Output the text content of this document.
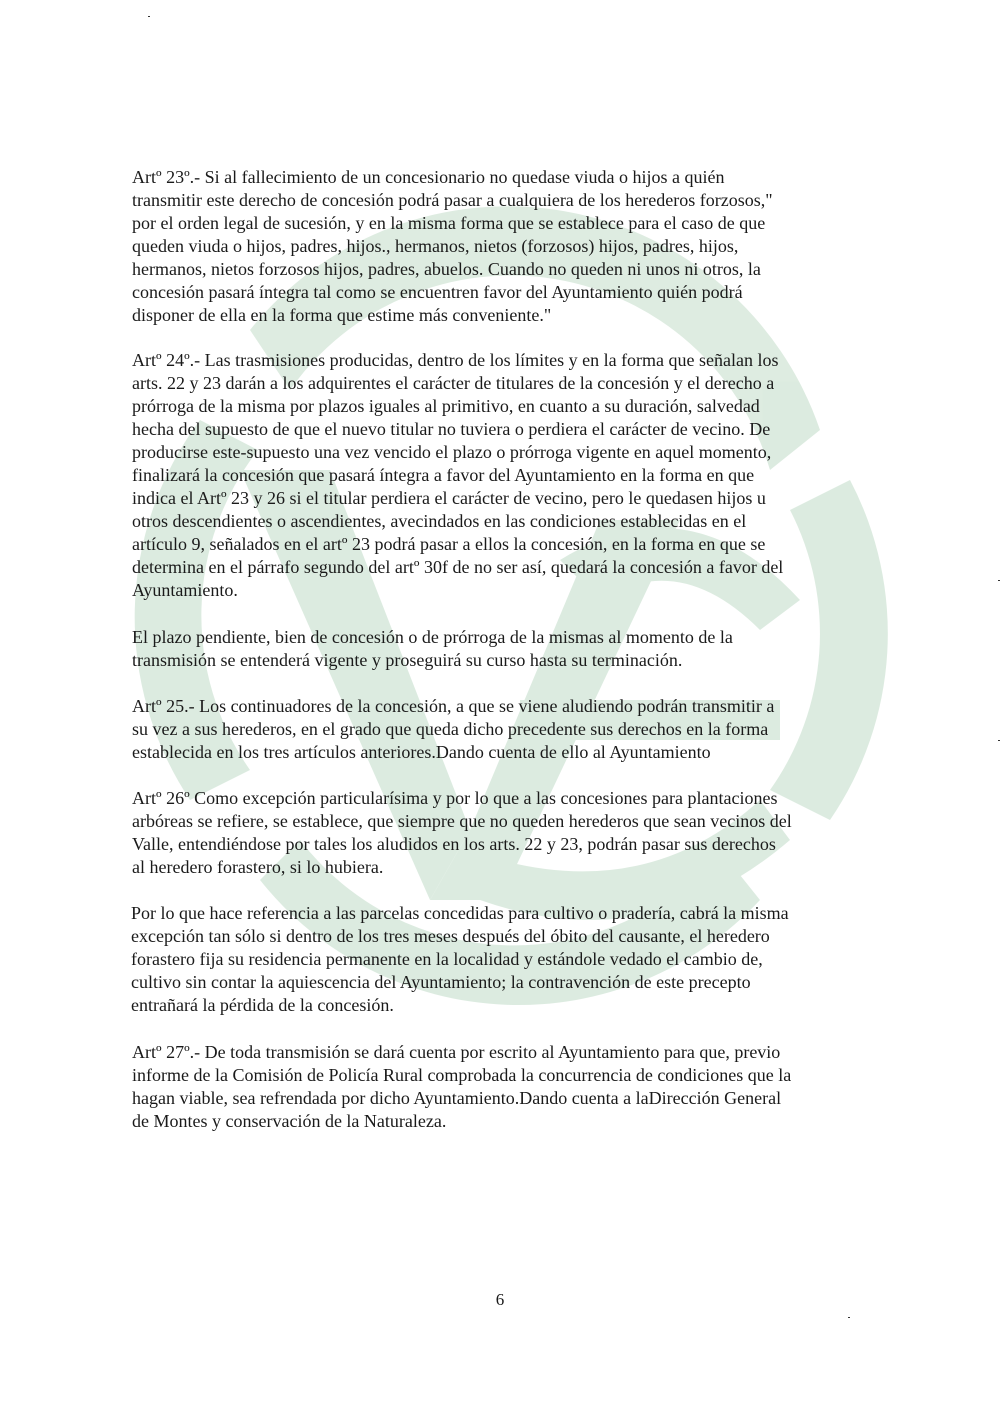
Artº 23º.- Si al fallecimiento de un concesionario no quedase viuda o hijos a quién
transmitir este derecho de concesión podrá pasar a cualquiera de los herederos forzosos,"
por el orden legal de sucesión, y en la misma forma que se establece para el caso de que
queden viuda o hijos, padres, hijos., hermanos, nietos (forzosos) hijos, padres, hijos,
hermanos, nietos forzosos hijos, padres, abuelos. Cuando no queden ni unos ni otros, la
concesión pasará íntegra tal como se encuentren favor del Ayuntamiento quién podrá
disponer de ella en la forma que estime más conveniente."

Artº 24º.- Las trasmisiones producidas, dentro de los límites y en la forma que señalan los
arts. 22 y 23 darán a los adquirentes el carácter de titulares de la concesión y el derecho a
prórroga de la misma por plazos iguales al primitivo, en cuanto a su duración, salvedad
hecha del supuesto de que el nuevo titular no tuviera o perdiera el carácter de vecino. De
producirse este-supuesto una vez vencido el plazo o prórroga vigente en aquel momento,
finalizará la concesión que pasará íntegra a favor del Ayuntamiento en la forma en que
indica el Artº 23 y 26 si el titular perdiera el carácter de vecino, pero le quedasen hijos u
otros descendientes o ascendientes, avecindados en las condiciones establecidas en el
artículo 9, señalados en el artº 23 podrá pasar a ellos la concesión, en la forma en que se
determina en el párrafo segundo del artº 30f de no ser así, quedará la concesión a favor del
Ayuntamiento.

El plazo pendiente, bien de concesión o de prórroga de la mismas al momento de la
transmisión se entenderá vigente y proseguirá su curso hasta su terminación.

Artº 25.- Los continuadores de la concesión, a que se viene aludiendo podrán transmitir a
su vez a sus herederos, en el grado que queda dicho precedente sus derechos en la forma
establecida en los tres artículos anteriores.Dando cuenta de ello al Ayuntamiento

Artº 26º Como excepción particularísima y por lo que a las concesiones para plantaciones
arbóreas se refiere, se establece, que siempre que no queden herederos que sean vecinos del
Valle, entendiéndose por tales los aludidos en los arts. 22 y 23, podrán pasar sus derechos
al heredero forastero, si lo hubiera.

Por lo que hace referencia a las parcelas concedidas para cultivo o pradería, cabrá la misma
excepción tan sólo si dentro de los tres meses después del óbito del causante, el heredero
forastero fija su residencia permanente en la localidad y estándole vedado el cambio de,
cultivo sin contar la aquiescencia del Ayuntamiento; la contravención de este precepto
entrañará la pérdida de la concesión.

Artº 27º.- De toda transmisión se dará cuenta por escrito al Ayuntamiento para que, previo
informe de la Comisión de Policía Rural comprobada la concurrencia de condiciones que la
hagan viable, sea refrendada por dicho Ayuntamiento.Dando cuenta a laDirección General
de Montes y conservación de la Naturaleza.

6
